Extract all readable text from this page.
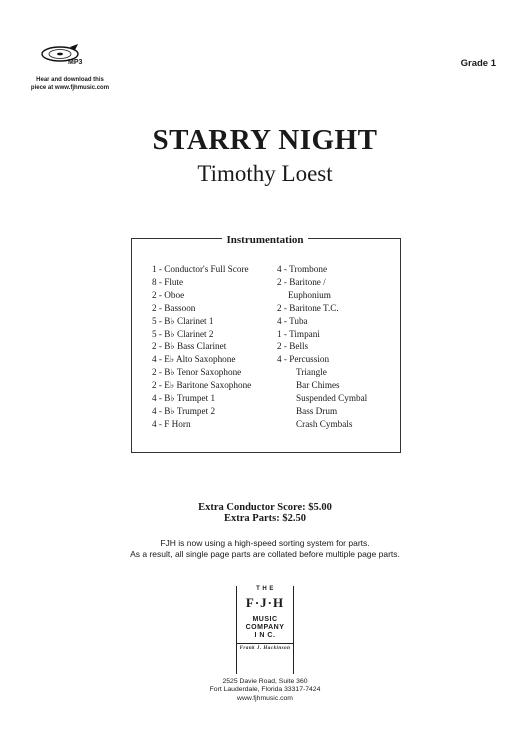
MP3
Hear and download this
piece at www.fjhmusic.com
Grade 1
STARRY NIGHT
Timothy Loest
Instrumentation
1 - Conductor's Full Score
8 - Flute
2 - Oboe
2 - Bassoon
5 - B♭ Clarinet 1
5 - B♭ Clarinet 2
2 - B♭ Bass Clarinet
4 - E♭ Alto Saxophone
2 - B♭ Tenor Saxophone
2 - E♭ Baritone Saxophone
4 - B♭ Trumpet 1
4 - B♭ Trumpet 2
4 - F Horn
4 - Trombone
2 - Baritone /
Euphonium
2 - Baritone T.C.
4 - Tuba
1 - Timpani
2 - Bells
4 - Percussion
Triangle
Bar Chimes
Suspended Cymbal
Bass Drum
Crash Cymbals
Extra Conductor Score: $5.00
Extra Parts: $2.50
FJH is now using a high-speed sorting system for parts.
As a result, all single page parts are collated before multiple page parts.
T H E
F·J·H

MUSIC
COMPANY
I N C.
Frank J. Hackinson
2525 Davie Road, Suite 360
Fort Lauderdale, Florida 33317-7424
www.fjhmusic.com
